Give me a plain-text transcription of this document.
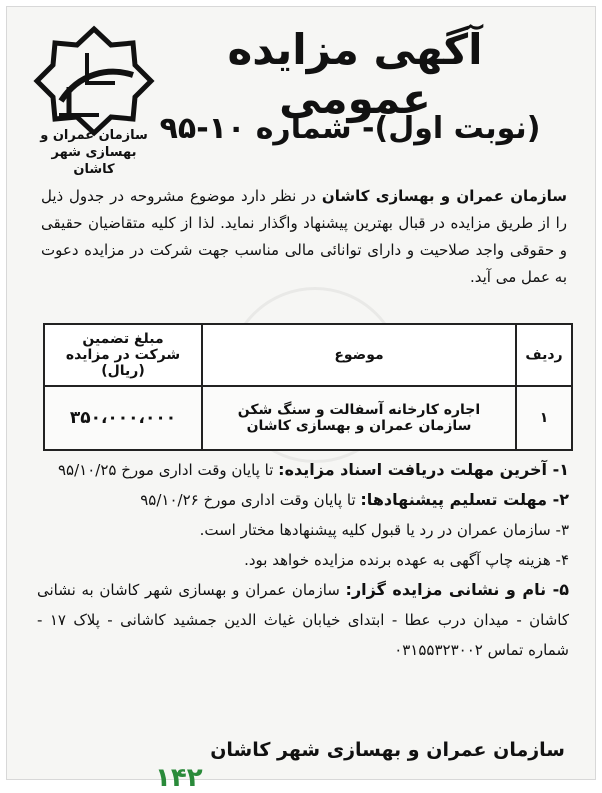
سازمان عمران و
بهسازی شهر کاشان
آگهی مزایده عمومی
(نوبت اول)- شماره ۱۰-۹۵
سازمان عمران و بهسازی کاشان در نظر دارد موضوع مشروحه در جدول ذیل را از طریق مزایده در قبال بهترین پیشنهاد واگذار نماید. لذا از کلیه متقاضیان حقیقی و حقوقی واجد صلاحیت و دارای توانائی مالی مناسب جهت شرکت در مزایده دعوت به عمل می آید.
ردیف	موضوع	مبلغ تضمین
شرکت در مزایده (ریال)

۱	اجاره کارخانه آسفالت و سنگ شکن
سازمان عمران و بهسازی کاشان	۳۵۰،۰۰۰،۰۰۰

۱- آخرین مهلت دریافت اسناد مزایده: تا پایان وقت اداری مورخ ۹۵/۱۰/۲۵

۲- مهلت تسلیم پیشنهادها: تا پایان وقت اداری مورخ ۹۵/۱۰/۲۶

۳- سازمان عمران در رد یا قبول کلیه پیشنهادها مختار است.

۴- هزینه چاپ آگهی به عهده برنده مزایده خواهد بود.

۵- نام و نشانی مزایده گزار: سازمان عمران و بهسازی شهر کاشان به نشانی کاشان - میدان درب عطا - ابتدای خیابان غیاث الدین جمشید کاشانی - پلاک ۱۷ - شماره تماس ۰۳۱۵۵۳۲۳۰۰۲

سازمان عمران و بهسازی شهر کاشان
۱۴۲
